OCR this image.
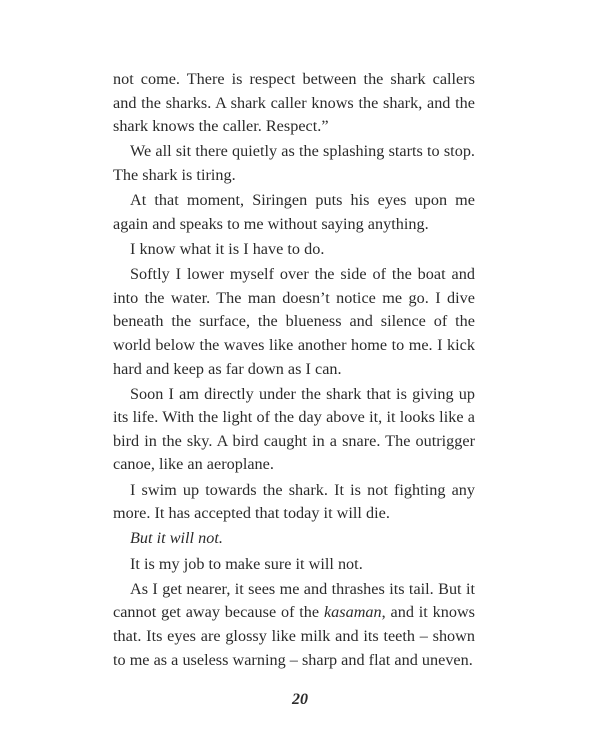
not come. There is respect between the shark callers and the sharks. A shark caller knows the shark, and the shark knows the caller. Respect.”

We all sit there quietly as the splashing starts to stop. The shark is tiring.

At that moment, Siringen puts his eyes upon me again and speaks to me without saying anything.

I know what it is I have to do.

Softly I lower myself over the side of the boat and into the water. The man doesn’t notice me go. I dive beneath the surface, the blueness and silence of the world below the waves like another home to me. I kick hard and keep as far down as I can.

Soon I am directly under the shark that is giving up its life. With the light of the day above it, it looks like a bird in the sky. A bird caught in a snare. The outrigger canoe, like an aeroplane.

I swim up towards the shark. It is not fighting any more. It has accepted that today it will die.

But it will not.

It is my job to make sure it will not.

As I get nearer, it sees me and thrashes its tail. But it cannot get away because of the kasaman, and it knows that. Its eyes are glossy like milk and its teeth – shown to me as a useless warning – sharp and flat and uneven.

20
